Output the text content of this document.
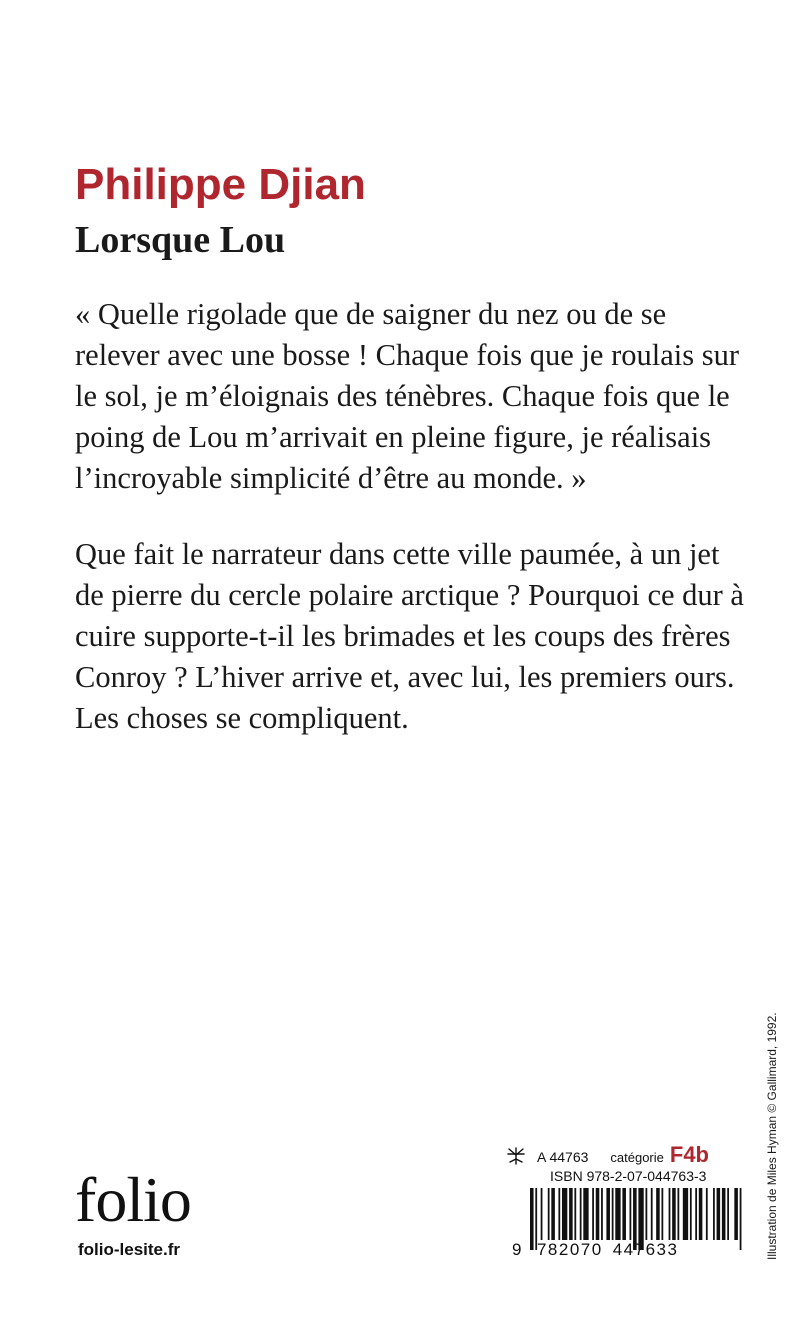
Philippe Djian
Lorsque Lou

« Quelle rigolade que de saigner du nez ou de se relever avec une bosse ! Chaque fois que je roulais sur le sol, je m’éloignais des ténèbres. Chaque fois que le poing de Lou m’arrivait en pleine figure, je réalisais l’incroyable simplicité d’être au monde. »

Que fait le narrateur dans cette ville paumée, à un jet de pierre du cercle polaire arctique ? Pourquoi ce dur à cuire supporte-t-il les brimades et les coups des frères Conroy ? L’hiver arrive et, avec lui, les premiers ours. Les choses se compliquent.

Illustration de Miles Hyman © Gallimard, 1992.
folio
folio-lesite.fr
A 44763 catégorie F4b
ISBN 978-2-07-044763-3
9 782070 447633
